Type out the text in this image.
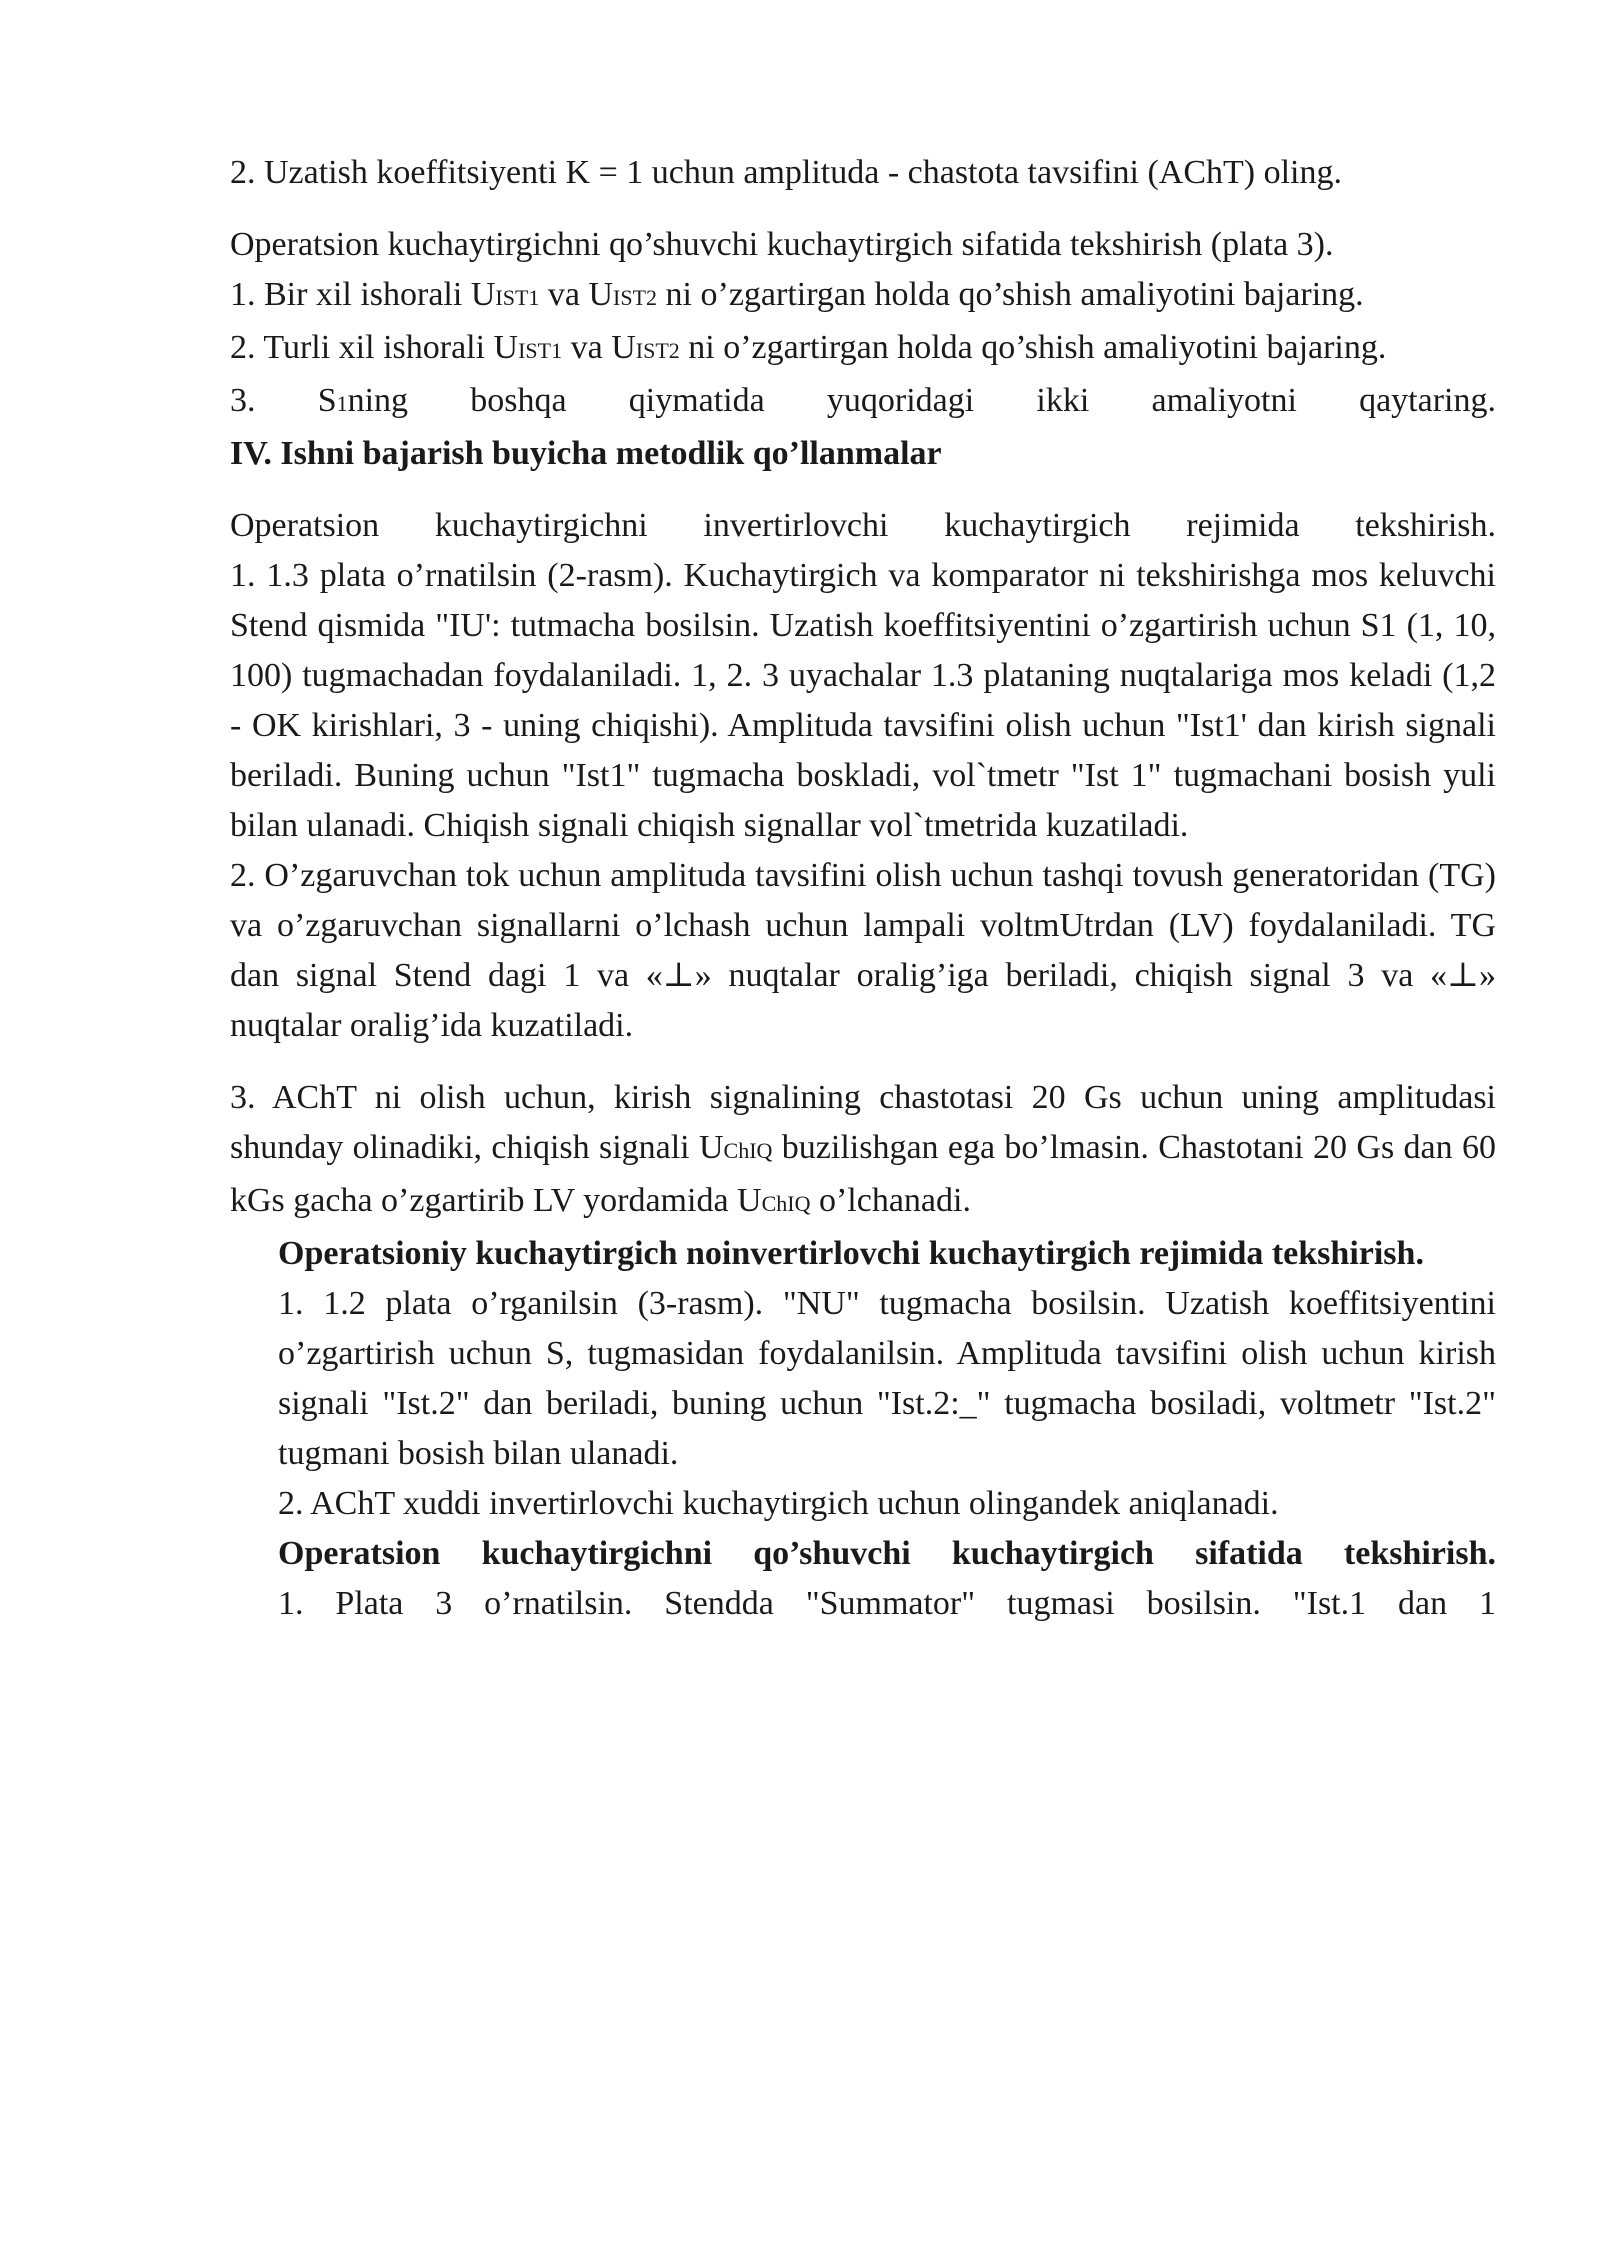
2. Uzatish koeffitsiyenti K = 1 uchun amplituda - chastota tavsifini (AChT) oling.

Operatsion kuchaytirgichni qo’shuvchi kuchaytirgich sifatida tekshirish (plata 3).

1. Bir xil ishorali UIST1 va UIST2 ni o’zgartirgan holda qo’shish amaliyotini bajaring.

2. Turli xil ishorali UIST1 va UIST2 ni o’zgartirgan holda qo’shish amaliyotini bajaring.

3. S1ning boshqa qiymatida yuqoridagi ikki amaliyotni qaytaring.

IV. Ishni bajarish buyicha metodlik qo’llanmalar

Operatsion kuchaytirgichni invertirlovchi kuchaytirgich rejimida tekshirish.

1. 1.3 plata o’rnatilsin (2-rasm). Kuchaytirgich va komparator ni tekshirishga mos keluvchi Stend qismida "IU': tutmacha bosilsin. Uzatish koeffitsiyentini o’zgartirish uchun S1 (1, 10, 100) tugmachadan foydalaniladi. 1, 2. 3 uyachalar 1.3 plataning nuqtalariga mos keladi (1,2 - OK kirishlari, 3 - uning chiqishi). Amplituda tavsifini olish uchun "Ist1' dan kirish signali beriladi. Buning uchun "Ist1" tugmacha boskladi, vol`tmetr "Ist 1" tugmachani bosish yuli bilan ulanadi. Chiqish signali chiqish signallar vol`tmetrida kuzatiladi.

2. O’zgaruvchan tok uchun amplituda tavsifini olish uchun tashqi tovush generatoridan (TG) va o’zgaruvchan signallarni o’lchash uchun lampali voltmUtrdan (LV) foydalaniladi. TG dan signal Stend dagi 1 va «⊥» nuqtalar oralig’iga beriladi, chiqish signal 3 va «⊥» nuqtalar oralig’ida kuzatiladi.

3. AChT ni olish uchun, kirish signalining chastotasi 20 Gs uchun uning amplitudasi shunday olinadiki, chiqish signali UChIQ buzilishgan ega bo’lmasin. Chastotani 20 Gs dan 60 kGs gacha o’zgartirib LV yordamida UChIQ o’lchanadi.

Operatsioniy kuchaytirgich noinvertirlovchi kuchaytirgich rejimida tekshirish.

1. 1.2 plata o’rganilsin (3-rasm). "NU" tugmacha bosilsin. Uzatish koeffitsiyentini o’zgartirish uchun S, tugmasidan foydalanilsin. Amplituda tavsifini olish uchun kirish signali "Ist.2" dan beriladi, buning uchun "Ist.2:_" tugmacha bosiladi, voltmetr "Ist.2" tugmani bosish bilan ulanadi.

2. AChT xuddi invertirlovchi kuchaytirgich uchun olingandek aniqlanadi.

Operatsion kuchaytirgichni qo’shuvchi kuchaytirgich sifatida tekshirish.

1. Plata 3 o’rnatilsin. Stendda "Summator" tugmasi bosilsin. "Ist.1 dan 1
